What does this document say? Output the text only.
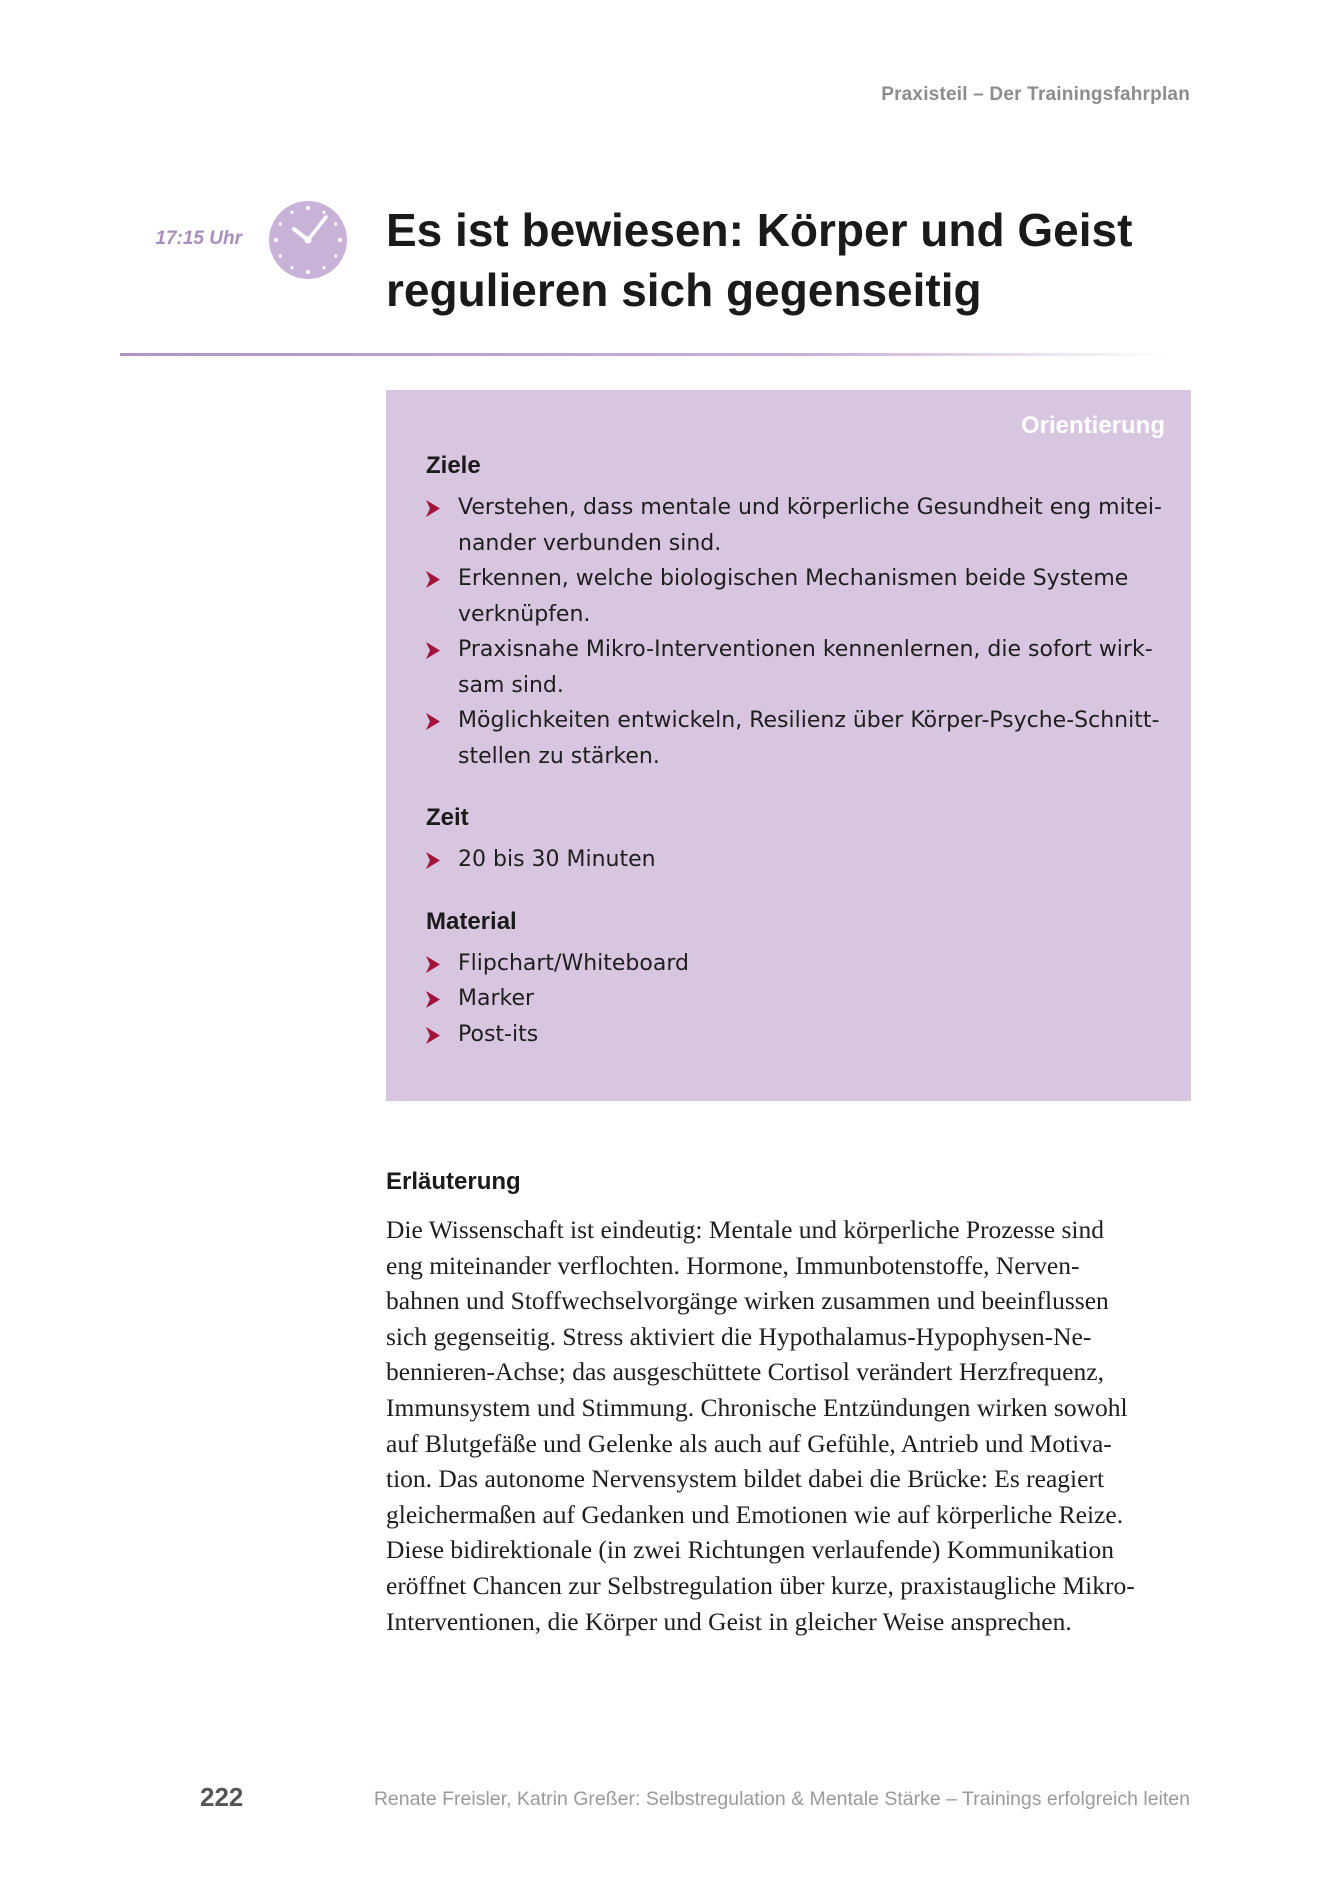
Praxisteil – Der Trainingsfahrplan

17:15 Uhr	Es ist bewiesen: Körper und Geist regulieren sich gegenseitig

Orientierung

Ziele
Verstehen, dass mentale und körperliche Gesundheit eng mitei-
nander verbunden sind.
Erkennen, welche biologischen Mechanismen beide Systeme
verknüpfen.
Praxisnahe Mikro-Interventionen kennenlernen, die sofort wirk-
sam sind.
Möglichkeiten entwickeln, Resilienz über Körper-Psyche-Schnitt-
stellen zu stärken.
Zeit
20 bis 30 Minuten
Material
Flipchart/Whiteboard
Marker
Post-its
Erläuterung

Die Wissenschaft ist eindeutig: Mentale und körperliche Prozesse sind
eng miteinander verflochten. Hormone, Immunbotenstoffe, Nerven-
bahnen und Stoffwechselvorgänge wirken zusammen und beeinflussen
sich gegenseitig. Stress aktiviert die Hypothalamus-Hypophysen-Ne-
bennieren-Achse; das ausgeschüttete Cortisol verändert Herzfrequenz,
Immunsystem und Stimmung. Chronische Entzündungen wirken sowohl
auf Blutgefäße und Gelenke als auch auf Gefühle, Antrieb und Motiva-
tion. Das autonome Nervensystem bildet dabei die Brücke: Es reagiert
gleichermaßen auf Gedanken und Emotionen wie auf körperliche Reize.
Diese bidirektionale (in zwei Richtungen verlaufende) Kommunikation
eröffnet Chancen zur Selbstregulation über kurze, praxistaugliche Mikro-
Interventionen, die Körper und Geist in gleicher Weise ansprechen.

222	Renate Freisler, Katrin Greßer: Selbstregulation & Mentale Stärke – Trainings erfolgreich leiten
